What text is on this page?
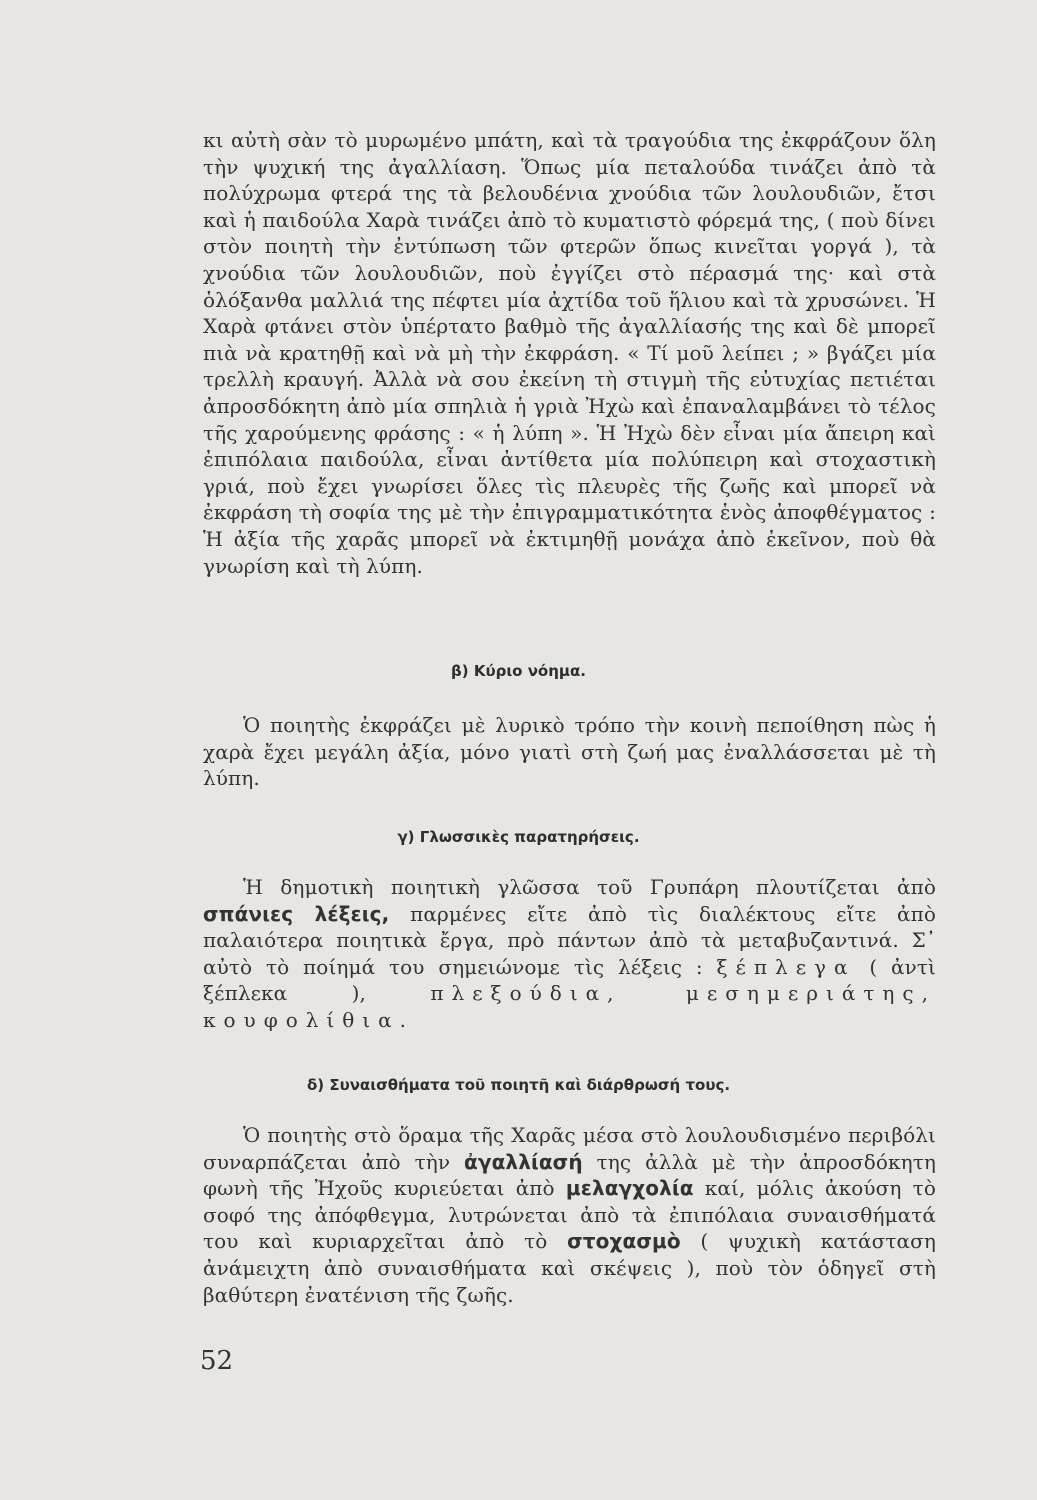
κι αὐτὴ σὰν τὸ μυρωμένο μπάτη, καὶ τὰ τραγούδια της ἐκφράζουν ὅλη τὴν ψυχική της ἀγαλλίαση. Ὅπως μία πεταλούδα τινάζει ἀπὸ τὰ πολύχρωμα φτερά της τὰ βελουδένια χνούδια τῶν λουλουδιῶν, ἔτσι καὶ ἡ παιδούλα Χαρὰ τινάζει ἀπὸ τὸ κυματιστὸ φόρεμά της, ( ποὺ δίνει στὸν ποιητὴ τὴν ἐντύπωση τῶν φτερῶν ὅπως κινεῖται γοργά ), τὰ χνούδια τῶν λουλουδιῶν, ποὺ ἐγγίζει στὸ πέρασμά της· καὶ στὰ ὁλόξανθα μαλλιά της πέφτει μία ἀχτίδα τοῦ ἥλιου καὶ τὰ χρυσώνει. Ἡ Χαρὰ φτάνει στὸν ὑπέρτατο βαθμὸ τῆς ἀγαλλίασής της καὶ δὲ μπορεῖ πιὰ νὰ κρατηθῇ καὶ νὰ μὴ τὴν ἐκφράση. « Τί μοῦ λείπει ; » βγάζει μία τρελλὴ κραυγή. Ἀλλὰ νὰ σου ἐκείνη τὴ στιγμὴ τῆς εὐτυχίας πετιέται ἀπροσδόκητη ἀπὸ μία σπηλιὰ ἡ γριὰ Ἠχὼ καὶ ἐπαναλαμβάνει τὸ τέλος τῆς χαρούμενης φράσης : « ἡ λύπη ». Ἡ Ἠχὼ δὲν εἶναι μία ἄπειρη καὶ ἐπιπόλαια παιδούλα, εἶναι ἀντίθετα μία πολύπειρη καὶ στοχαστικὴ γριά, ποὺ ἔχει γνωρίσει ὅλες τὶς πλευρὲς τῆς ζωῆς καὶ μπορεῖ νὰ ἐκφράση τὴ σοφία της μὲ τὴν ἐπιγραμματικότητα ἑνὸς ἀποφθέγματος : Ἡ ἀξία τῆς χαρᾶς μπορεῖ νὰ ἐκτιμηθῇ μονάχα ἀπὸ ἐκεῖνον, ποὺ θὰ γνωρίση καὶ τὴ λύπη.

β) Κύριο νόημα.

Ὁ ποιητὴς ἐκφράζει μὲ λυρικὸ τρόπο τὴν κοινὴ πεποίθηση πὼς ἡ χαρὰ ἔχει μεγάλη ἀξία, μόνο γιατὶ στὴ ζωή μας ἐναλλάσσεται μὲ τὴ λύπη.

γ) Γλωσσικὲς παρατηρήσεις.

Ἡ δημοτικὴ ποιητικὴ γλῶσσα τοῦ Γρυπάρη πλουτίζεται ἀπὸ σπάνιες λέξεις, παρμένες εἴτε ἀπὸ τὶς διαλέκτους εἴτε ἀπὸ παλαιότερα ποιητικὰ ἔργα, πρὸ πάντων ἀπὸ τὰ μεταβυζαντινά. Σ᾽ αὐτὸ τὸ ποίημά του σημειώνομε τὶς λέξεις : ξέπλεγα ( ἀντὶ ξέπλεκα ), πλεξούδια,	μεσημεριάτης, κουφολίθια.

δ) Συναισθήματα τοῦ ποιητῆ καὶ διάρθρωσή τους.

Ὁ ποιητὴς στὸ ὅραμα τῆς Χαρᾶς μέσα στὸ λουλουδισμένο περιβόλι συναρπάζεται ἀπὸ τὴν ἀγαλλίασή της ἀλλὰ μὲ τὴν ἀπροσδόκητη φωνὴ τῆς Ἠχοῦς κυριεύεται ἀπὸ μελαγχολία καί, μόλις ἀκούση τὸ σοφό της ἀπόφθεγμα, λυτρώνεται ἀπὸ τὰ ἐπιπόλαια συναισθήματά του καὶ κυριαρχεῖται ἀπὸ τὸ στοχασμὸ ( ψυχικὴ κατάσταση ἀνάμειχτη ἀπὸ συναισθήματα καὶ σκέψεις ), ποὺ τὸν ὁδηγεῖ στὴ βαθύτερη ἐνατένιση τῆς ζωῆς.

52
